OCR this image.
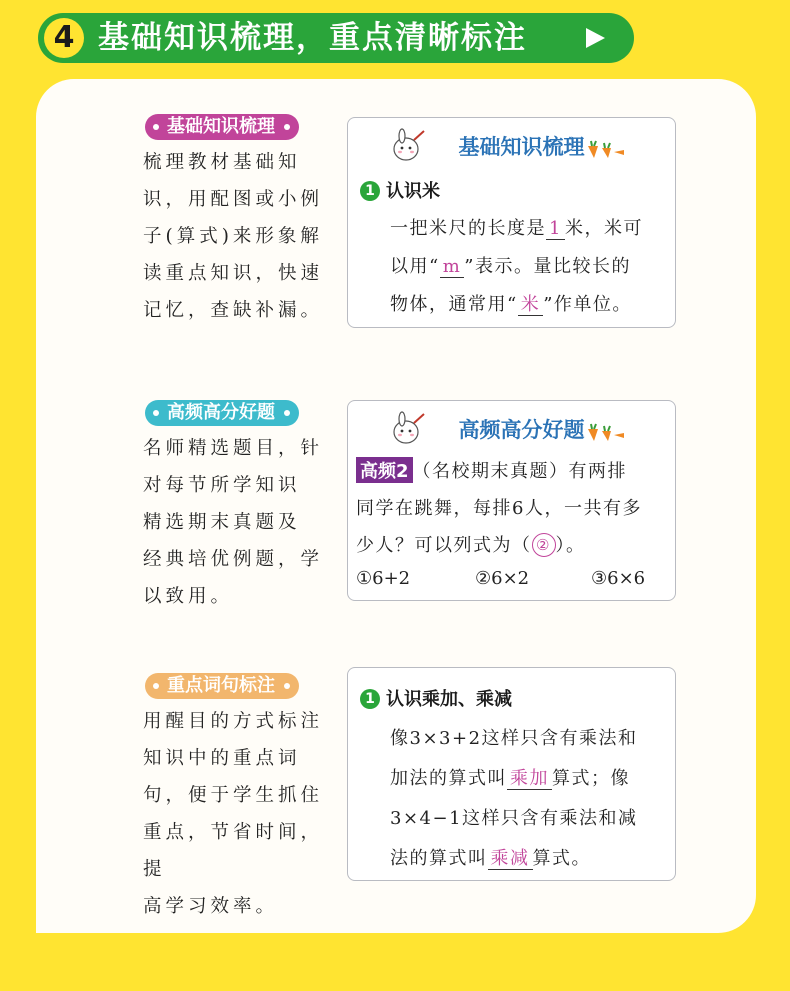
4 基础知识梳理，重点清晰标注
基础知识梳理
梳理教材基础知
识，用配图或小例
子(算式)来形象解
读重点知识，快速
记忆，查缺补漏。
基础知识梳理
1 认识米
一把米尺的长度是 1 米，米可
以用“ m ”表示。量比较长的
物体，通常用“ 米 ”作单位。
高频高分好题
名师精选题目，针
对每节所学知识
精选期末真题及
经典培优例题，学
以致用。
高频高分好题
高频2 （名校期末真题）有两排
同学在跳舞，每排6人，一共有多
少人？可以列式为（ ② ）。
①6+2	②6×2	③6×6
重点词句标注
用醒目的方式标注
知识中的重点词
句，便于学生抓住
重点，节省时间，提
高学习效率。
1 认识乘加、乘减
像3×3+2这样只含有乘法和
加法的算式叫 乘加 算式；像
3×4−1这样只含有乘法和减
法的算式叫 乘减 算式。
